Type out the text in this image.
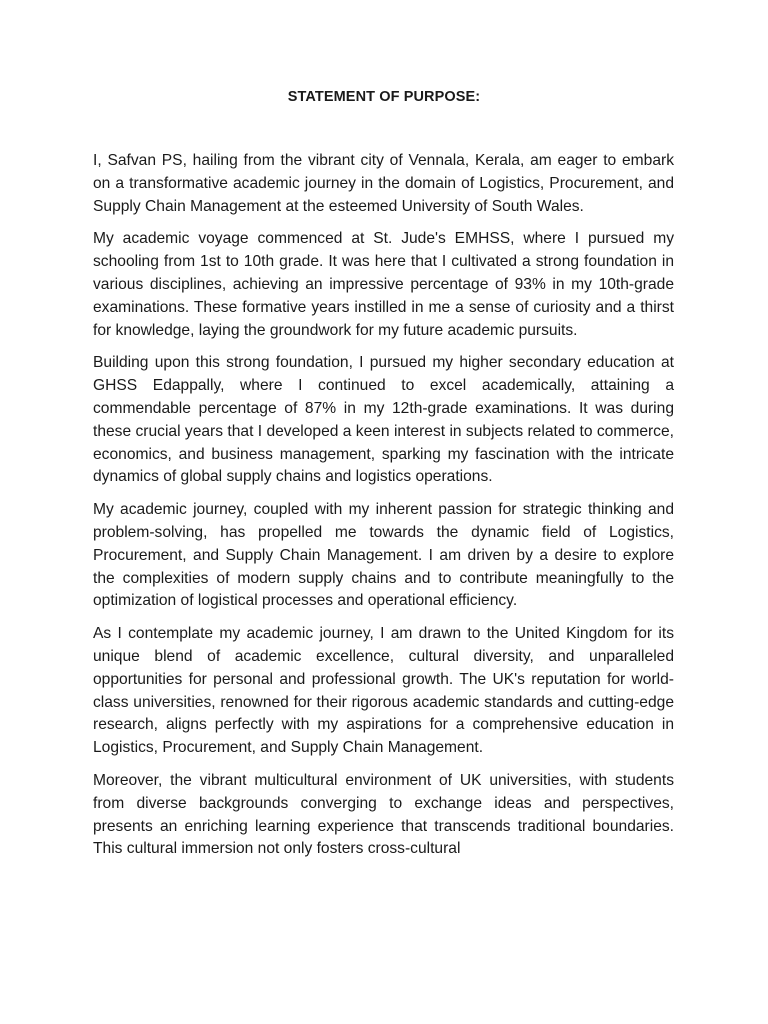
STATEMENT OF PURPOSE:

I, Safvan PS, hailing from the vibrant city of Vennala, Kerala, am eager to embark on a transformative academic journey in the domain of Logistics, Procurement, and Supply Chain Management at the esteemed University of South Wales.

My academic voyage commenced at St. Jude's EMHSS, where I pursued my schooling from 1st to 10th grade. It was here that I cultivated a strong foundation in various disciplines, achieving an impressive percentage of 93% in my 10th-grade examinations. These formative years instilled in me a sense of curiosity and a thirst for knowledge, laying the groundwork for my future academic pursuits.

Building upon this strong foundation, I pursued my higher secondary education at GHSS Edappally, where I continued to excel academically, attaining a commendable percentage of 87% in my 12th-grade examinations. It was during these crucial years that I developed a keen interest in subjects related to commerce, economics, and business management, sparking my fascination with the intricate dynamics of global supply chains and logistics operations.

My academic journey, coupled with my inherent passion for strategic thinking and problem-solving, has propelled me towards the dynamic field of Logistics, Procurement, and Supply Chain Management. I am driven by a desire to explore the complexities of modern supply chains and to contribute meaningfully to the optimization of logistical processes and operational efficiency.

As I contemplate my academic journey, I am drawn to the United Kingdom for its unique blend of academic excellence, cultural diversity, and unparalleled opportunities for personal and professional growth. The UK's reputation for world-class universities, renowned for their rigorous academic standards and cutting-edge research, aligns perfectly with my aspirations for a comprehensive education in Logistics, Procurement, and Supply Chain Management.

Moreover, the vibrant multicultural environment of UK universities, with students from diverse backgrounds converging to exchange ideas and perspectives, presents an enriching learning experience that transcends traditional boundaries. This cultural immersion not only fosters cross-cultural
